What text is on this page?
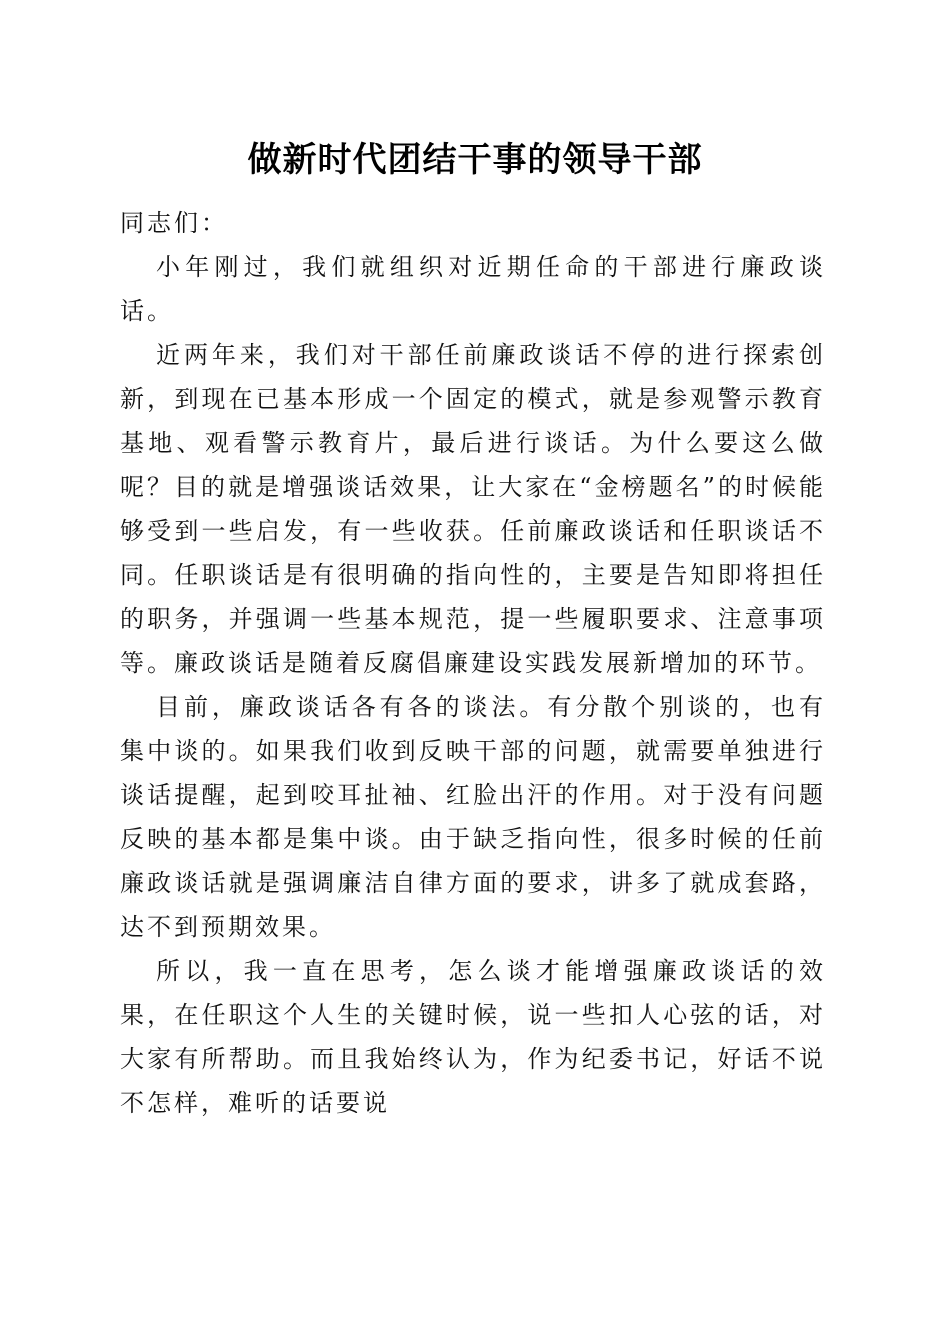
做新时代团结干事的领导干部

同志们：

小年刚过，我们就组织对近期任命的干部进行廉政谈话。

近两年来，我们对干部任前廉政谈话不停的进行探索创新，到现在已基本形成一个固定的模式，就是参观警示教育基地、观看警示教育片，最后进行谈话。为什么要这么做呢？目的就是增强谈话效果，让大家在“金榜题名”的时候能够受到一些启发，有一些收获。任前廉政谈话和任职谈话不同。任职谈话是有很明确的指向性的，主要是告知即将担任的职务，并强调一些基本规范，提一些履职要求、注意事项等。廉政谈话是随着反腐倡廉建设实践发展新增加的环节。

目前，廉政谈话各有各的谈法。有分散个别谈的，也有集中谈的。如果我们收到反映干部的问题，就需要单独进行谈话提醒，起到咬耳扯袖、红脸出汗的作用。对于没有问题反映的基本都是集中谈。由于缺乏指向性，很多时候的任前廉政谈话就是强调廉洁自律方面的要求，讲多了就成套路，达不到预期效果。

所以，我一直在思考，怎么谈才能增强廉政谈话的效果，在任职这个人生的关键时候，说一些扣人心弦的话，对大家有所帮助。而且我始终认为，作为纪委书记，好话不说不怎样，难听的话要说
